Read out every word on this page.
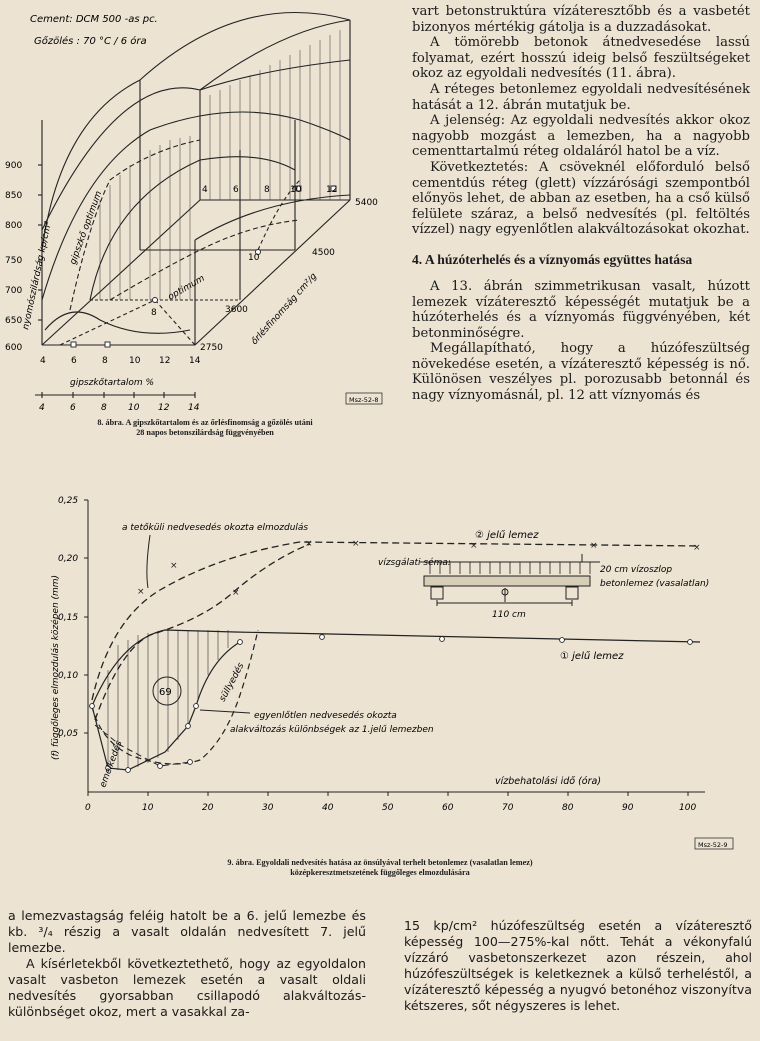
Cement: DCM 500 -as pc.
Gőzölés : 70 °C / 6 óra
900
850
800
750
700
650
600
nyomószilárdság kp/cm² gipszkő optimum
optimum
4	6	8 10 12 14
4	6	8 10	12
10
8
2750
3600
4500
5400
őrlésfinomság cm²/g
gipszkőtartalom %
4	6	8 10 12 14
Msz-52-8
8. ábra. A gipszkőtartalom és az őrlésfinomság a gőzölés utáni
28 napos betonszilárdság függvényében

vart betonstruktúra vízáteresztőbb és a vasbetét bizonyos mértékig gátolja is a duzzadásokat.

A tömörebb betonok átnedvesedése lassú folyamat, ezért hosszú ideig belső feszültségeket okoz az egyoldali nedvesítés (11. ábra).

A réteges betonlemez egyoldali nedvesítésének hatását a 12. ábrán mutatjuk be.

A jelenség: Az egyoldali nedvesítés akkor okoz nagyobb mozgást a lemezben, ha a nagyobb cementtartalmú réteg oldaláról hatol be a víz.

Következtetés: A csöveknél előforduló belső cementdús réteg (glett) vízzárósági szempontból előnyös lehet, de abban az esetben, ha a cső külső felülete száraz, a belső nedvesítés (pl. feltöltés vízzel) nagy egyenlőtlen alakváltozásokat okozhat.

4. A húzóterhelés és a víznyomás együttes hatása

A 13. ábrán szimmetrikusan vasalt, húzott lemezek vízáteresztő képességét mutatjuk be a húzóterhelés és a víznyomás függvényében, két betonminőségre.

Megállapítható, hogy a húzófeszültség növekedése esetén, a vízáteresztő képesség is nő. Különösen veszélyes pl. porozusabb betonnál és nagy víznyomásnál, pl. 12 att víznyomás és

×
×
×
×	×	×	×	×
0,25
0,20
0,15
0,10
0,05
(f) függőleges elmozdulás középen (mm)
0	10	20	30	40	50	60	70	80	90	100
vízbehatolási idő (óra)
a tetőküli nedvesedés okozta elmozdulás
② jelű lemez
① jelű lemez
egyenlőtlen nedvesedés okozta
alakváltozás különbségek az 1.jelű lemezben
69	süllyedés
emelkedés
vízsgálati séma:
20 cm vízoszlop
betonlemez (vasalatlan)
110 cm
Msz-52-9
9. ábra. Egyoldali nedvesítés hatása az önsúlyával terhelt betonlemez (vasalatlan lemez)
középkeresztmetszetének függőleges elmozdulására

a lemezvastagság feléig hatolt be a 6. jelű lemezbe és kb. ³/₄ részig a vasalt oldalán nedvesített 7. jelű lemezbe.

A kísérletekből következtethető, hogy az egyoldalon vasalt vasbeton lemezek esetén a vasalt oldali nedvesítés gyorsabban csillapodó alakváltozás-különbséget okoz, mert a vasakkal za-

15 kp/cm² húzófeszültség esetén a vízáteresztő képesség 100—275%-kal nőtt. Tehát a vékonyfalú vízzáró vasbetonszerkezet azon részein, ahol húzófeszültségek is keletkeznek a külső terheléstől, a vízáteresztő képesség a nyugvó betonéhoz viszonyítva kétszeres, sőt négyszeres is lehet.
